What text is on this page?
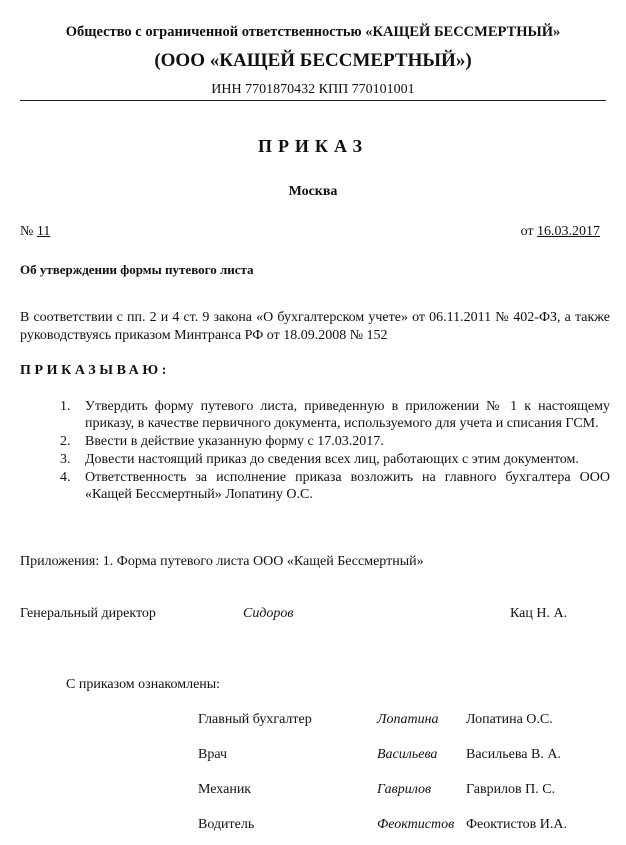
Общество с ограниченной ответственностью «КАЩЕЙ БЕССМЕРТНЫЙ»
(ООО «КАЩЕЙ БЕССМЕРТНЫЙ»)
ИНН 7701870432 КПП 770101001
ПРИКАЗ
Москва
№ 11	от 16.03.2017
Об утверждении формы путевого листа
В соответствии с пп. 2 и 4 ст. 9 закона «О бухгалтерском учете» от 06.11.2011 № 402-ФЗ, а также руководствуясь приказом Минтранса РФ от 18.09.2008 № 152
ПРИКАЗЫВАЮ:
1. Утвердить форму путевого листа, приведенную в приложении № 1 к настоящему приказу, в качестве первичного документа, используемого для учета и списания ГСМ.
2. Ввести в действие указанную форму с 17.03.2017.
3. Довести настоящий приказ до сведения всех лиц, работающих с этим документом.
4. Ответственность за исполнение приказа возложить на главного бухгалтера ООО «Кащей Бессмертный» Лопатину О.С.
Приложения: 1. Форма путевого листа ООО «Кащей Бессмертный»
Генеральный директор	Сидоров	Кац Н. А.
С приказом ознакомлены:
Главный бухгалтер	Лопатина Лопатина О.С.
Врач	Васильева Васильева В. А.
Механик	Гаврилов Гаврилов П. С.
Водитель	Феоктистов Феоктистов И.А.
